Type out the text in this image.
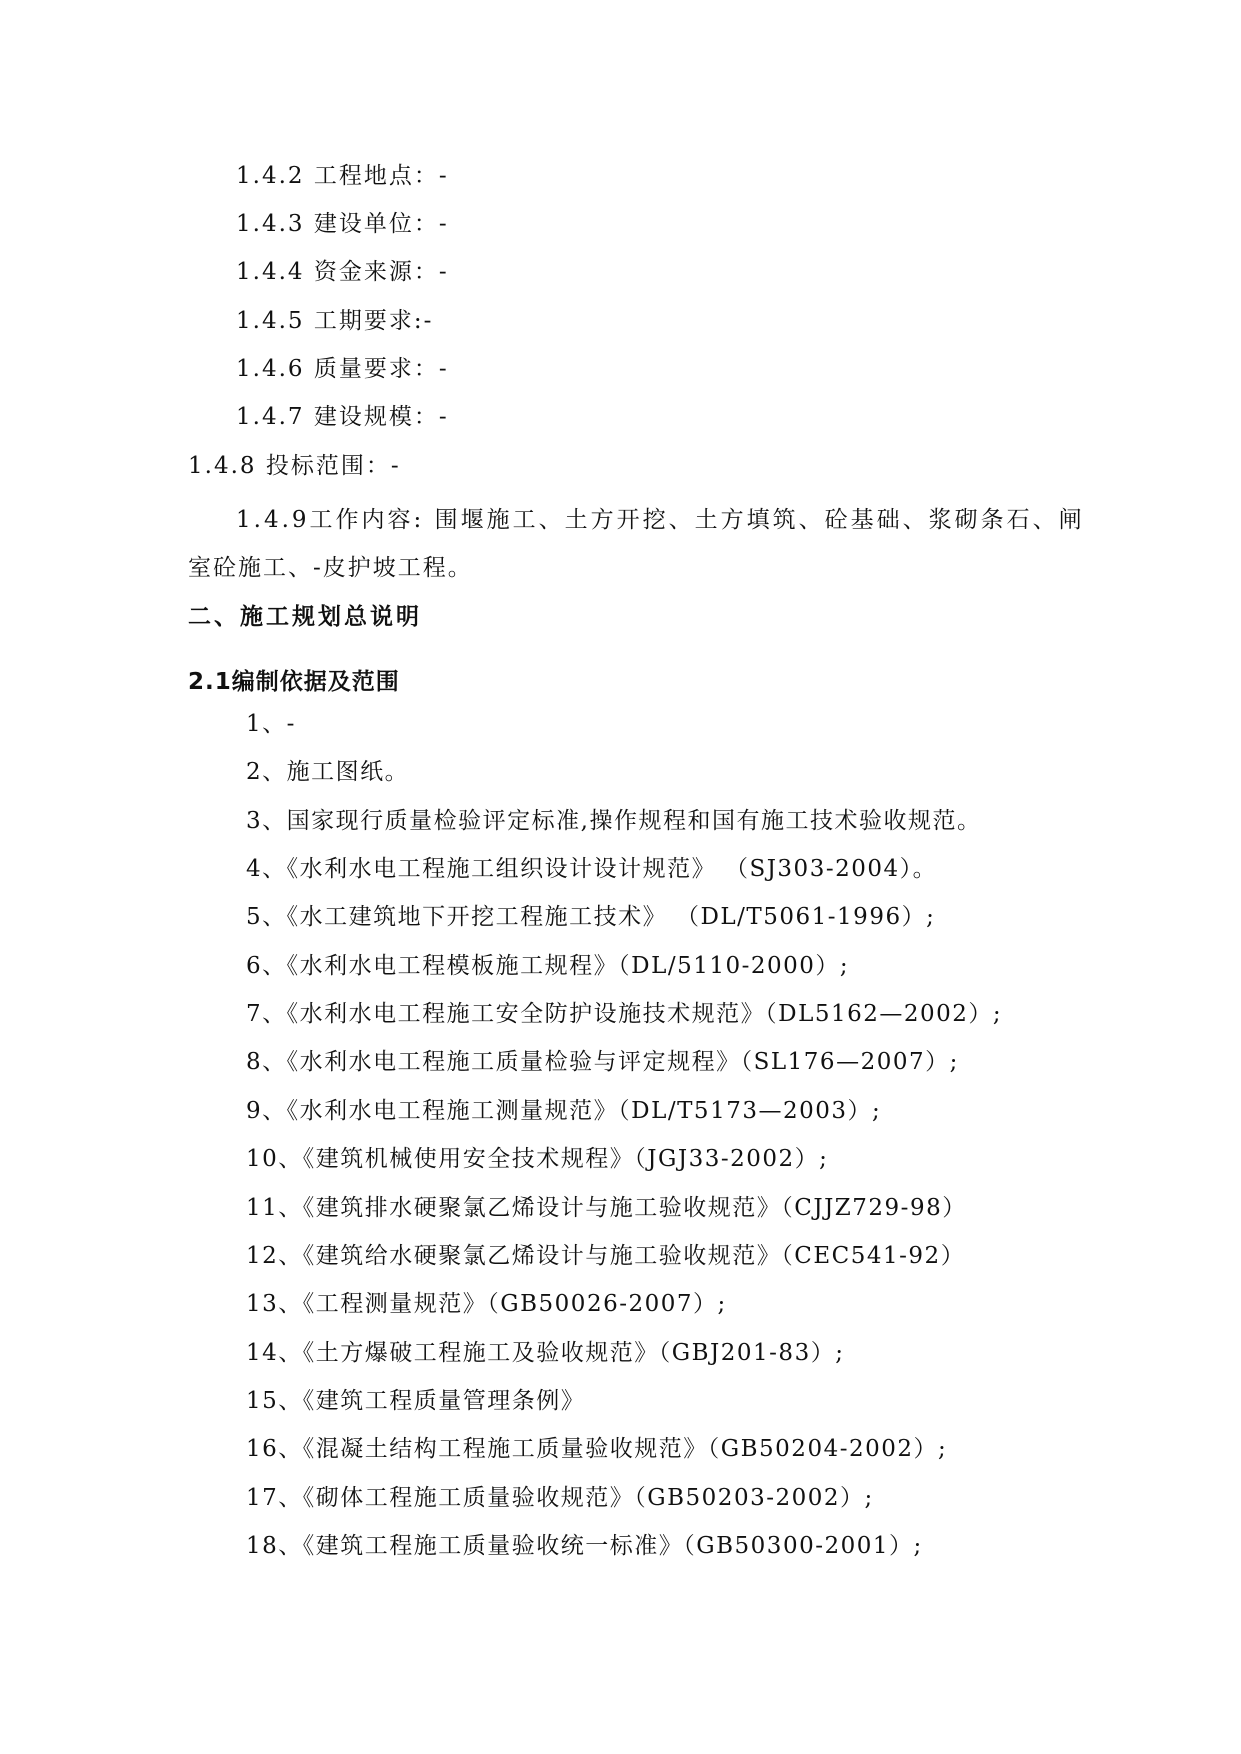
1.4.2 工程地点：-
1.4.3 建设单位：-
1.4.4 资金来源：-
1.4.5 工期要求:-
1.4.6 质量要求：-
1.4.7 建设规模：-
1.4.8 投标范围：-
1.4.9工作内容: 围堰施工、土方开挖、土方填筑、砼基础、浆砌条石、闸
室砼施工、-皮护坡工程。
二、施工规划总说明
2.1编制依据及范围
1、-
2、施工图纸。
3、国家现行质量检验评定标准,操作规程和国有施工技术验收规范。
4、《水利水电工程施工组织设计设计规范》 （SJ303-2004）。
5、《水工建筑地下开挖工程施工技术》 （DL/T5061-1996）;
6、《水利水电工程模板施工规程》（DL/5110-2000）;
7、《水利水电工程施工安全防护设施技术规范》（DL5162—2002）;
8、《水利水电工程施工质量检验与评定规程》（SL176—2007）;
9、《水利水电工程施工测量规范》（DL/T5173—2003）;
10、《建筑机械使用安全技术规程》（JGJ33-2002）;
11、《建筑排水硬聚氯乙烯设计与施工验收规范》（CJJZ729-98）
12、《建筑给水硬聚氯乙烯设计与施工验收规范》（CEC541-92）
13、《工程测量规范》（GB50026-2007）;
14、《土方爆破工程施工及验收规范》（GBJ201-83）;
15、《建筑工程质量管理条例》
16、《混凝土结构工程施工质量验收规范》（GB50204-2002）;
17、《砌体工程施工质量验收规范》（GB50203-2002）;
18、《建筑工程施工质量验收统一标准》（GB50300-2001）;
